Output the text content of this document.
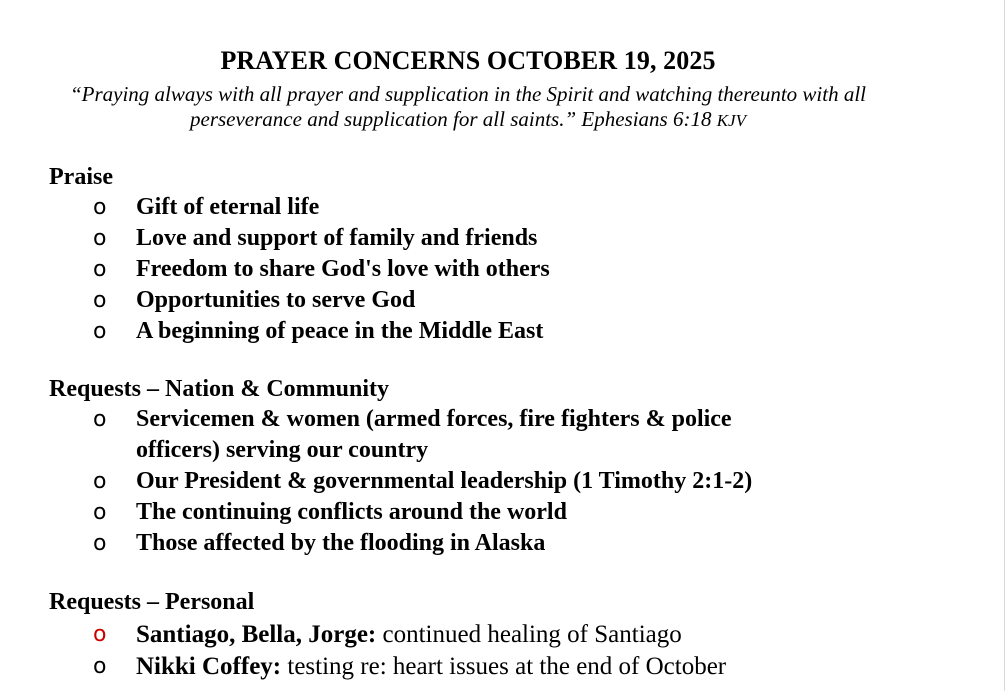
PRAYER CONCERNS OCTOBER 19, 2025
“Praying always with all prayer and supplication in the Spirit and watching thereunto with all
perseverance and supplication for all saints.” Ephesians 6:18 KJV
Praise
o Gift of eternal life
o Love and support of family and friends
o Freedom to share God's love with others
o Opportunities to serve God
o A beginning of peace in the Middle East
Requests – Nation & Community
o Servicemen & women (armed forces, fire fighters & police officers) serving our country
o Our President & governmental leadership (1 Timothy 2:1-2)
o The continuing conflicts around the world
o Those affected by the flooding in Alaska
Requests – Personal
o Santiago, Bella, Jorge: continued healing of Santiago
o Nikki Coffey: testing re: heart issues at the end of October
